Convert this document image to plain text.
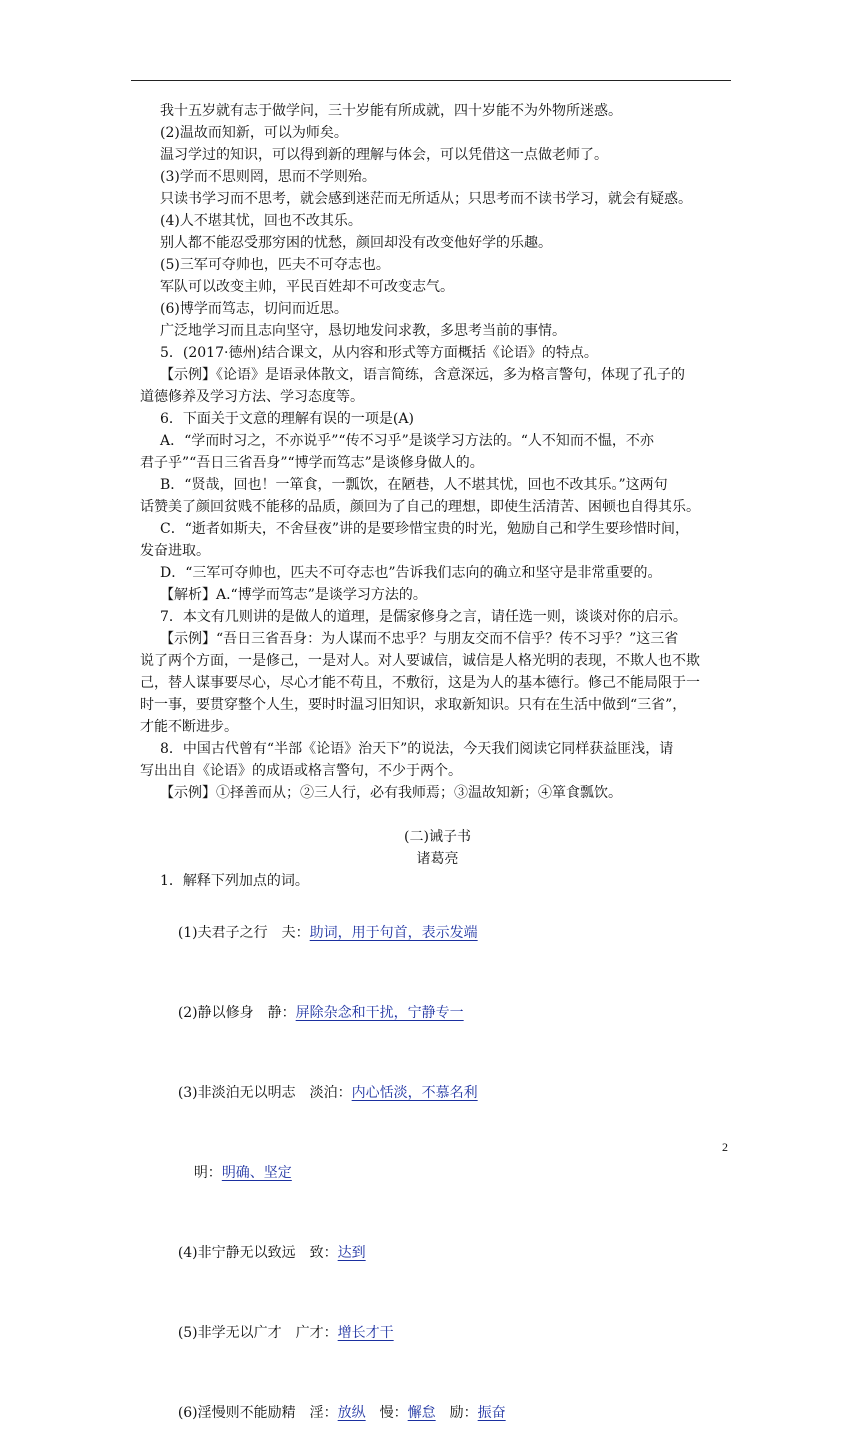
我十五岁就有志于做学问，三十岁能有所成就，四十岁能不为外物所迷惑。
(2)温故而知新，可以为师矣。
温习学过的知识，可以得到新的理解与体会，可以凭借这一点做老师了。
(3)学而不思则罔，思而不学则殆。
只读书学习而不思考，就会感到迷茫而无所适从；只思考而不读书学习，就会有疑惑。
(4)人不堪其忧，回也不改其乐。
别人都不能忍受那穷困的忧愁，颜回却没有改变他好学的乐趣。
(5)三军可夺帅也，匹夫不可夺志也。
军队可以改变主帅，平民百姓却不可改变志气。
(6)博学而笃志，切问而近思。
广泛地学习而且志向坚守，恳切地发问求教，多思考当前的事情。
5．(2017·德州)结合课文，从内容和形式等方面概括《论语》的特点。
【示例】《论语》是语录体散文，语言简练，含意深远，多为格言警句，体现了孔子的
道德修养及学习方法、学习态度等。
6．下面关于文意的理解有误的一项是(A)
A．“学而时习之，不亦说乎”“传不习乎”是谈学习方法的。“人不知而不愠，不亦
君子乎”“吾日三省吾身”“博学而笃志”是谈修身做人的。
B．“贤哉，回也！一箪食，一瓢饮，在陋巷，人不堪其忧，回也不改其乐。”这两句
话赞美了颜回贫贱不能移的品质，颜回为了自己的理想，即使生活清苦、困顿也自得其乐。
C．“逝者如斯夫，不舍昼夜”讲的是要珍惜宝贵的时光，勉励自己和学生要珍惜时间，
发奋进取。
D．“三军可夺帅也，匹夫不可夺志也”告诉我们志向的确立和坚守是非常重要的。
【解析】A.“博学而笃志”是谈学习方法的。
7．本文有几则讲的是做人的道理，是儒家修身之言，请任选一则，谈谈对你的启示。
【示例】“吾日三省吾身：为人谋而不忠乎？与朋友交而不信乎？传不习乎？”这三省
说了两个方面，一是修己，一是对人。对人要诚信，诚信是人格光明的表现，不欺人也不欺
己，替人谋事要尽心，尽心才能不苟且，不敷衍，这是为人的基本德行。修己不能局限于一
时一事，要贯穿整个人生，要时时温习旧知识，求取新知识。只有在生活中做到“三省”，
才能不断进步。
8．中国古代曾有“半部《论语》治天下”的说法，今天我们阅读它同样获益匪浅，请
写出出自《论语》的成语或格言警句，不少于两个。
【示例】①择善而从；②三人行，必有我师焉；③温故知新；④箪食瓢饮。
(二)诫子书
诸葛亮
1．解释下列加点的词。

(1)夫君子之行　夫：助词，用于句首，表示发端

(2)静以修身　静：屏除杂念和干扰，宁静专一

(3)非淡泊无以明志　淡泊：内心恬淡，不慕名利

明：明确、坚定

(4)非宁静无以致远　致：达到

(5)非学无以广才　广才：增长才干

(6)淫慢则不能励精　淫：放纵　慢：懈怠　励：振奋

2
